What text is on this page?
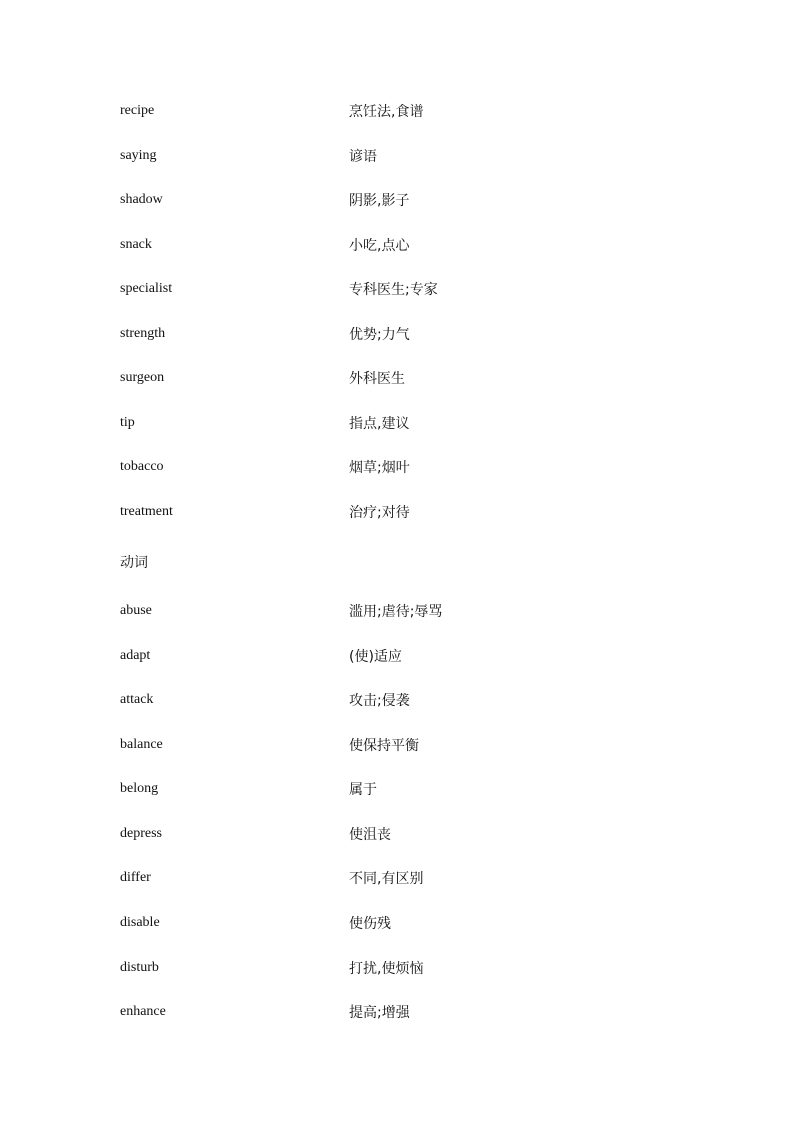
recipe	烹饪法,食谱
saying	谚语
shadow	阴影,影子
snack	小吃,点心
specialist	专科医生;专家
strength	优势;力气
surgeon	外科医生
tip	指点,建议
tobacco	烟草;烟叶
treatment	治疗;对待
动词
abuse	滥用;虐待;辱骂
adapt	(使)适应
attack	攻击;侵袭
balance	使保持平衡
belong	属于
depress	使沮丧
differ	不同,有区别
disable	使伤残
disturb	打扰,使烦恼
enhance	提高;增强
